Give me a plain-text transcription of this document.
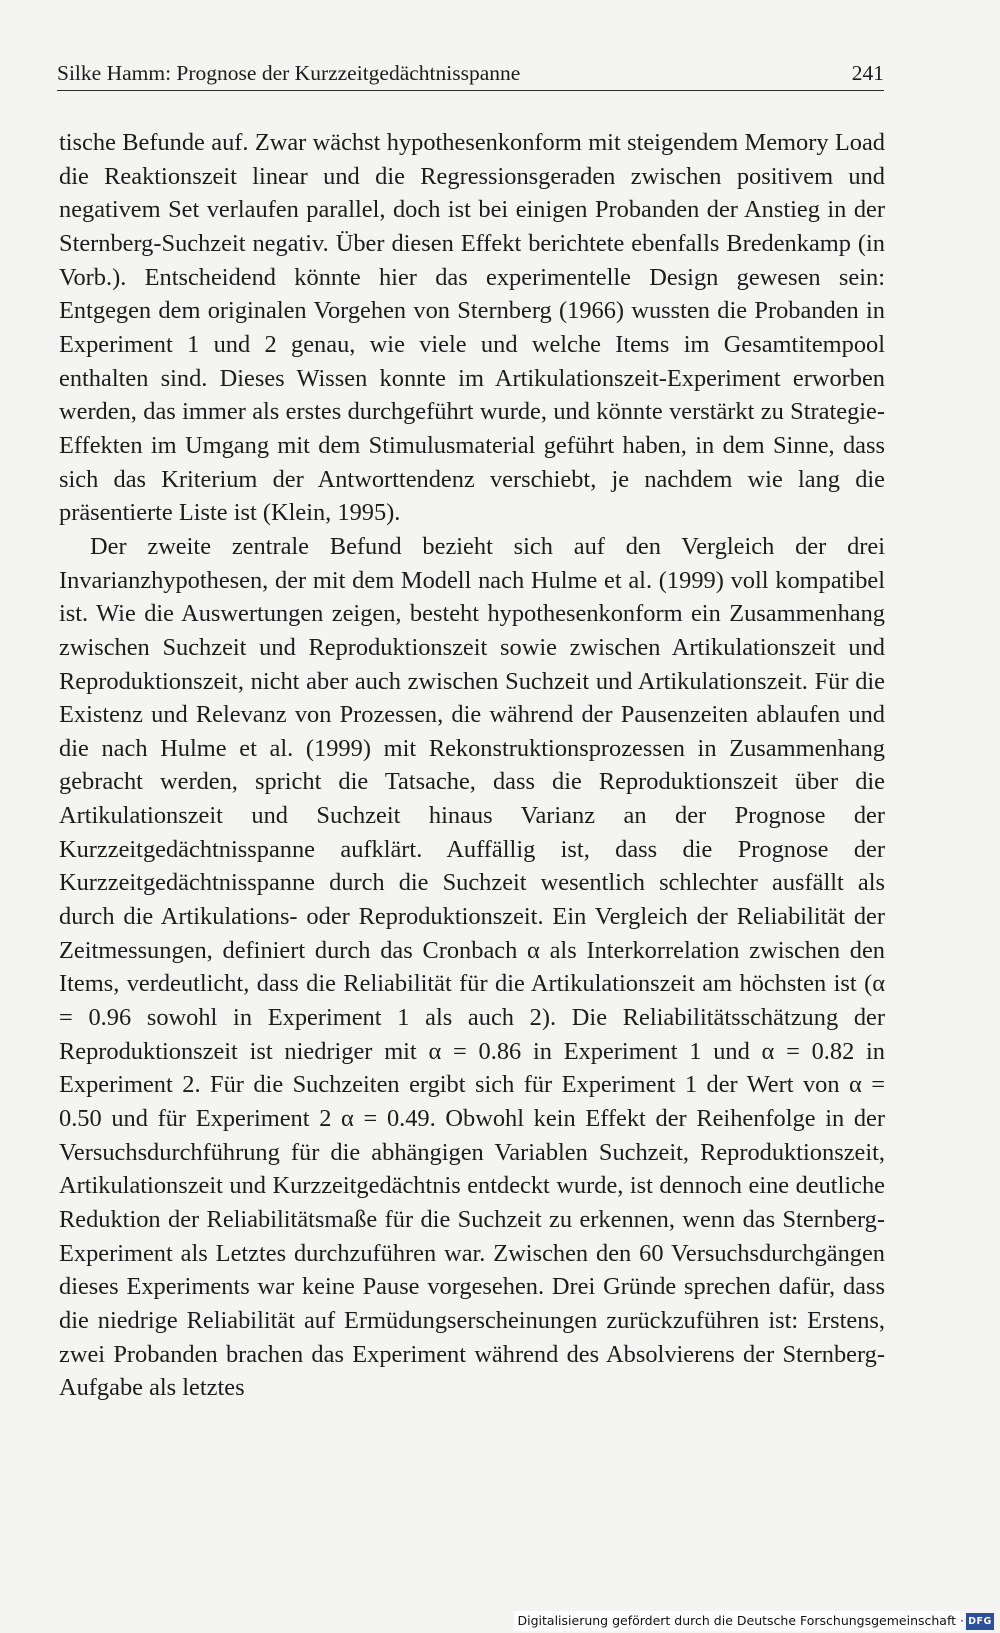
Silke Hamm: Prognose der Kurzzeitgedächtnisspanne	241

tische Befunde auf. Zwar wächst hypothesenkonform mit steigendem Memory Load die Reaktionszeit linear und die Regressionsgeraden zwischen positivem und negativem Set verlaufen parallel, doch ist bei einigen Probanden der Anstieg in der Sternberg-Suchzeit negativ. Über diesen Effekt berichtete ebenfalls Bredenkamp (in Vorb.). Entscheidend könnte hier das experimentelle Design gewesen sein: Entgegen dem originalen Vorgehen von Sternberg (1966) wussten die Probanden in Experiment 1 und 2 genau, wie viele und welche Items im Gesamtitempool enthalten sind. Dieses Wissen konnte im Artikulationszeit-Experiment erworben werden, das immer als erstes durchgeführt wurde, und könnte verstärkt zu Strategie-Effekten im Umgang mit dem Stimulusmaterial geführt haben, in dem Sinne, dass sich das Kriterium der Antworttendenz verschiebt, je nachdem wie lang die präsentierte Liste ist (Klein, 1995).

Der zweite zentrale Befund bezieht sich auf den Vergleich der drei Invarianzhypothesen, der mit dem Modell nach Hulme et al. (1999) voll kompatibel ist. Wie die Auswertungen zeigen, besteht hypothesenkonform ein Zusammenhang zwischen Suchzeit und Reproduktionszeit sowie zwischen Artikulationszeit und Reproduktionszeit, nicht aber auch zwischen Suchzeit und Artikulationszeit. Für die Existenz und Relevanz von Prozessen, die während der Pausenzeiten ablaufen und die nach Hulme et al. (1999) mit Rekonstruktionsprozessen in Zusammenhang gebracht werden, spricht die Tatsache, dass die Reproduktionszeit über die Artikulationszeit und Suchzeit hinaus Varianz an der Prognose der Kurzzeitgedächtnisspanne aufklärt. Auffällig ist, dass die Prognose der Kurzzeitgedächtnisspanne durch die Suchzeit wesentlich schlechter ausfällt als durch die Artikulations- oder Reproduktionszeit. Ein Vergleich der Reliabilität der Zeitmessungen, definiert durch das Cronbach α als Interkorrelation zwischen den Items, verdeutlicht, dass die Reliabilität für die Artikulationszeit am höchsten ist (α = 0.96 sowohl in Experiment 1 als auch 2). Die Reliabilitätsschätzung der Reproduktionszeit ist niedriger mit α = 0.86 in Experiment 1 und α = 0.82 in Experiment 2. Für die Suchzeiten ergibt sich für Experiment 1 der Wert von α = 0.50 und für Experiment 2 α = 0.49. Obwohl kein Effekt der Reihenfolge in der Versuchsdurchführung für die abhängigen Variablen Suchzeit, Reproduktionszeit, Artikulationszeit und Kurzzeitgedächtnis entdeckt wurde, ist dennoch eine deutliche Reduktion der Reliabilitätsmaße für die Suchzeit zu erkennen, wenn das Sternberg-Experiment als Letztes durchzuführen war. Zwischen den 60 Versuchsdurchgängen dieses Experiments war keine Pause vorgesehen. Drei Gründe sprechen dafür, dass die niedrige Reliabilität auf Ermüdungserscheinungen zurückzuführen ist: Erstens, zwei Probanden brachen das Experiment während des Absolvierens der Sternberg-Aufgabe als letztes

Digitalisierung gefördert durch die Deutsche Forschungsgemeinschaft · DFG
